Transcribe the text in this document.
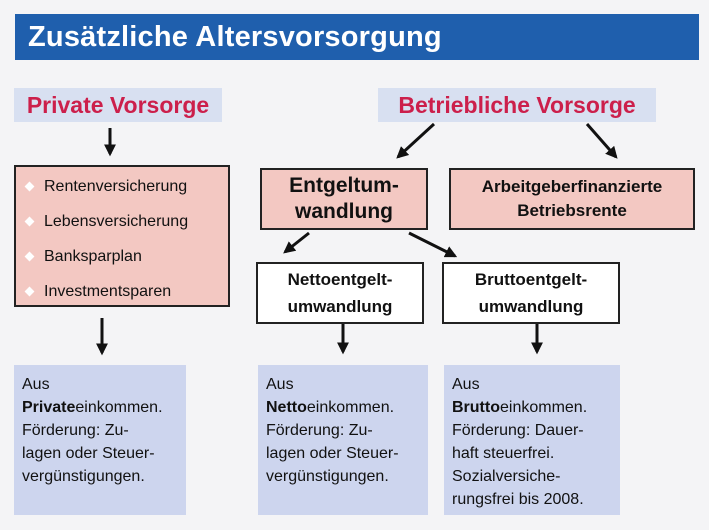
Zusätzliche Altersvorsorgung
Private Vorsorge	Betriebliche Vorsorge
Rentenversicherung
Lebensversicherung
Banksparplan
Investmentsparen
Entgeltum-
wandlung
Arbeitgeberfinanzierte
Betriebsrente
Nettoentgelt-
umwandlung
Bruttoentgelt-
umwandlung
Aus
Privateeinkommen.
Förderung: Zu-
lagen oder Steuer-
vergünstigungen.
Aus
Nettoeinkommen.
Förderung: Zu-
lagen oder Steuer-
vergünstigungen.
Aus
Bruttoeinkommen.
Förderung: Dauer-
haft steuerfrei.
Sozialversiche-
rungsfrei bis 2008.
